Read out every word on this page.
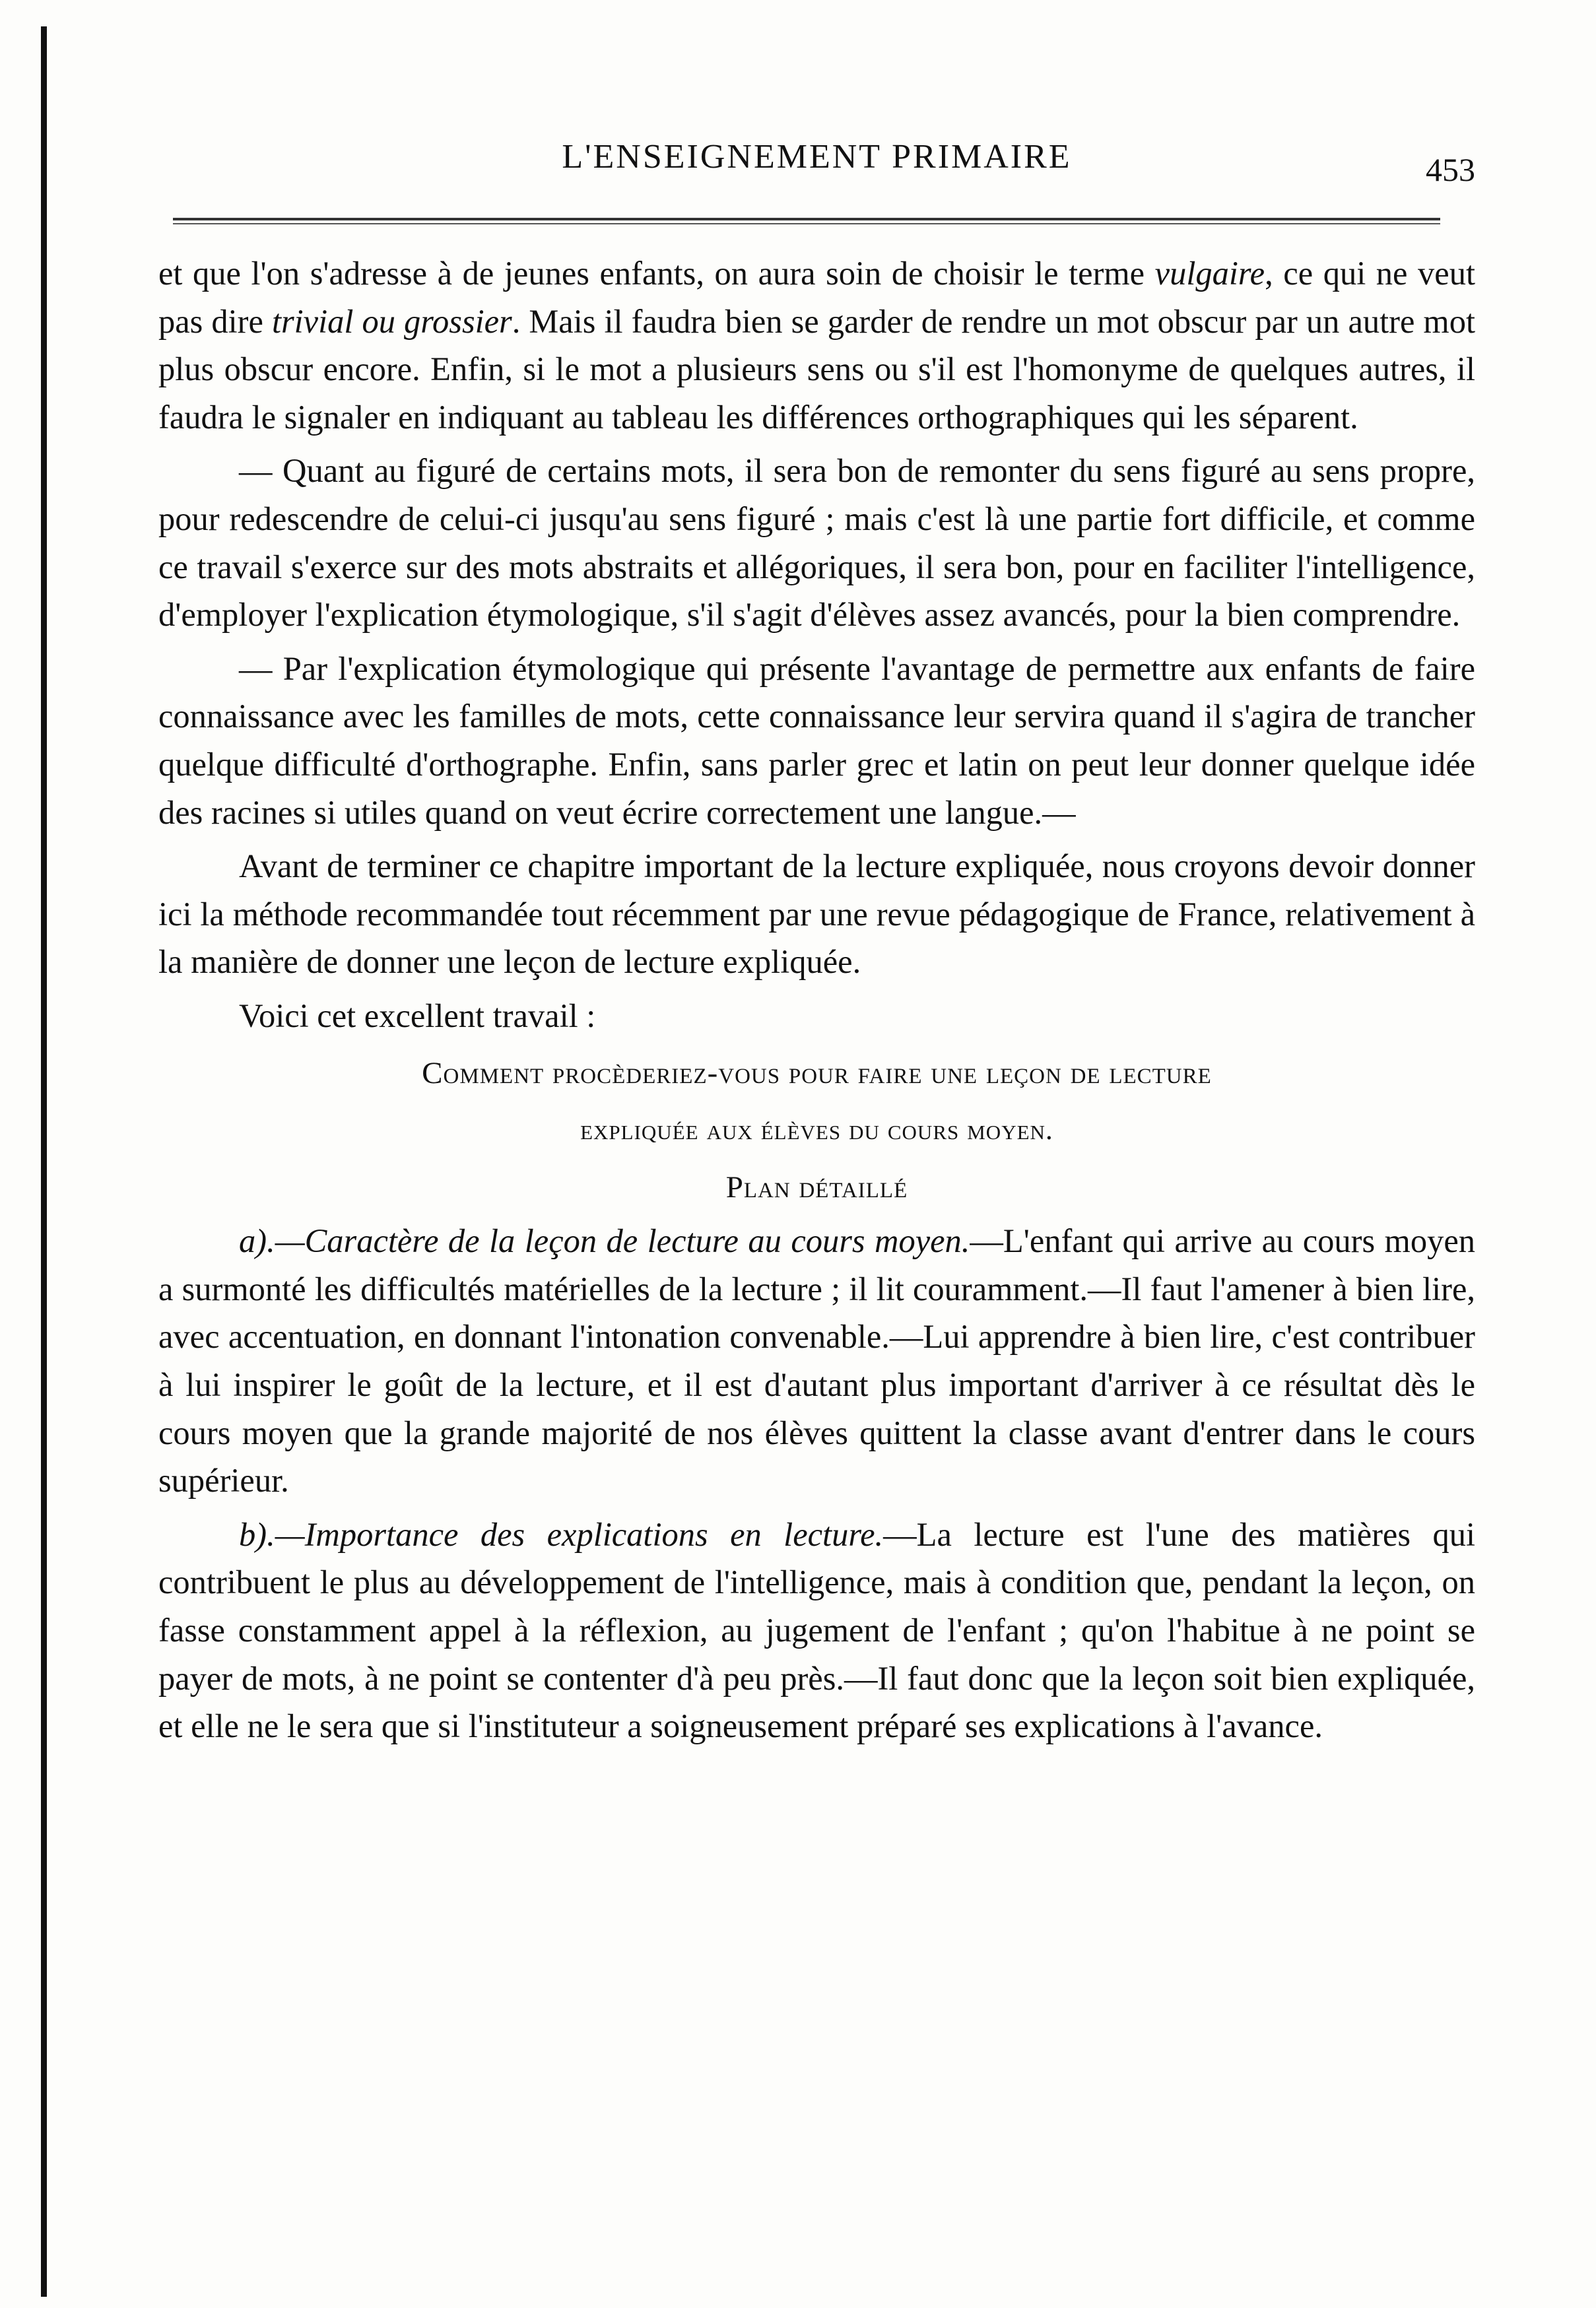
L'ENSEIGNEMENT PRIMAIRE	453

et que l'on s'adresse à de jeunes enfants, on aura soin de choisir le terme vulgaire, ce qui ne veut pas dire trivial ou grossier. Mais il faudra bien se garder de rendre un mot obscur par un autre mot plus obscur encore. Enfin, si le mot a plusieurs sens ou s'il est l'homonyme de quelques autres, il faudra le signaler en indiquant au tableau les différences orthographiques qui les séparent.

— Quant au figuré de certains mots, il sera bon de remonter du sens figuré au sens propre, pour redescendre de celui-ci jusqu'au sens figuré ; mais c'est là une partie fort difficile, et comme ce travail s'exerce sur des mots abstraits et allégoriques, il sera bon, pour en faciliter l'intelligence, d'employer l'explication étymologique, s'il s'agit d'élèves assez avancés, pour la bien comprendre.

— Par l'explication étymologique qui présente l'avantage de permettre aux enfants de faire connaissance avec les familles de mots, cette connaissance leur servira quand il s'agira de trancher quelque difficulté d'orthographe. Enfin, sans parler grec et latin on peut leur donner quelque idée des racines si utiles quand on veut écrire correctement une langue.—

Avant de terminer ce chapitre important de la lecture expliquée, nous croyons devoir donner ici la méthode recommandée tout récemment par une revue pédagogique de France, relativement à la manière de donner une leçon de lecture expliquée.

Voici cet excellent travail :

Comment procèderiez-vous pour faire une leçon de lecture
expliquée aux élèves du cours moyen.
Plan détaillé

a).—Caractère de la leçon de lecture au cours moyen.—L'enfant qui arrive au cours moyen a surmonté les difficultés matérielles de la lecture ; il lit couramment.—Il faut l'amener à bien lire, avec accentuation, en donnant l'intonation convenable.—Lui apprendre à bien lire, c'est contribuer à lui inspirer le goût de la lecture, et il est d'autant plus important d'arriver à ce résultat dès le cours moyen que la grande majorité de nos élèves quittent la classe avant d'entrer dans le cours supérieur.

b).—Importance des explications en lecture.—La lecture est l'une des matières qui contribuent le plus au développement de l'intelligence, mais à condition que, pendant la leçon, on fasse constamment appel à la réflexion, au jugement de l'enfant ; qu'on l'habitue à ne point se payer de mots, à ne point se contenter d'à peu près.—Il faut donc que la leçon soit bien expliquée, et elle ne le sera que si l'instituteur a soigneusement préparé ses explications à l'avance.
